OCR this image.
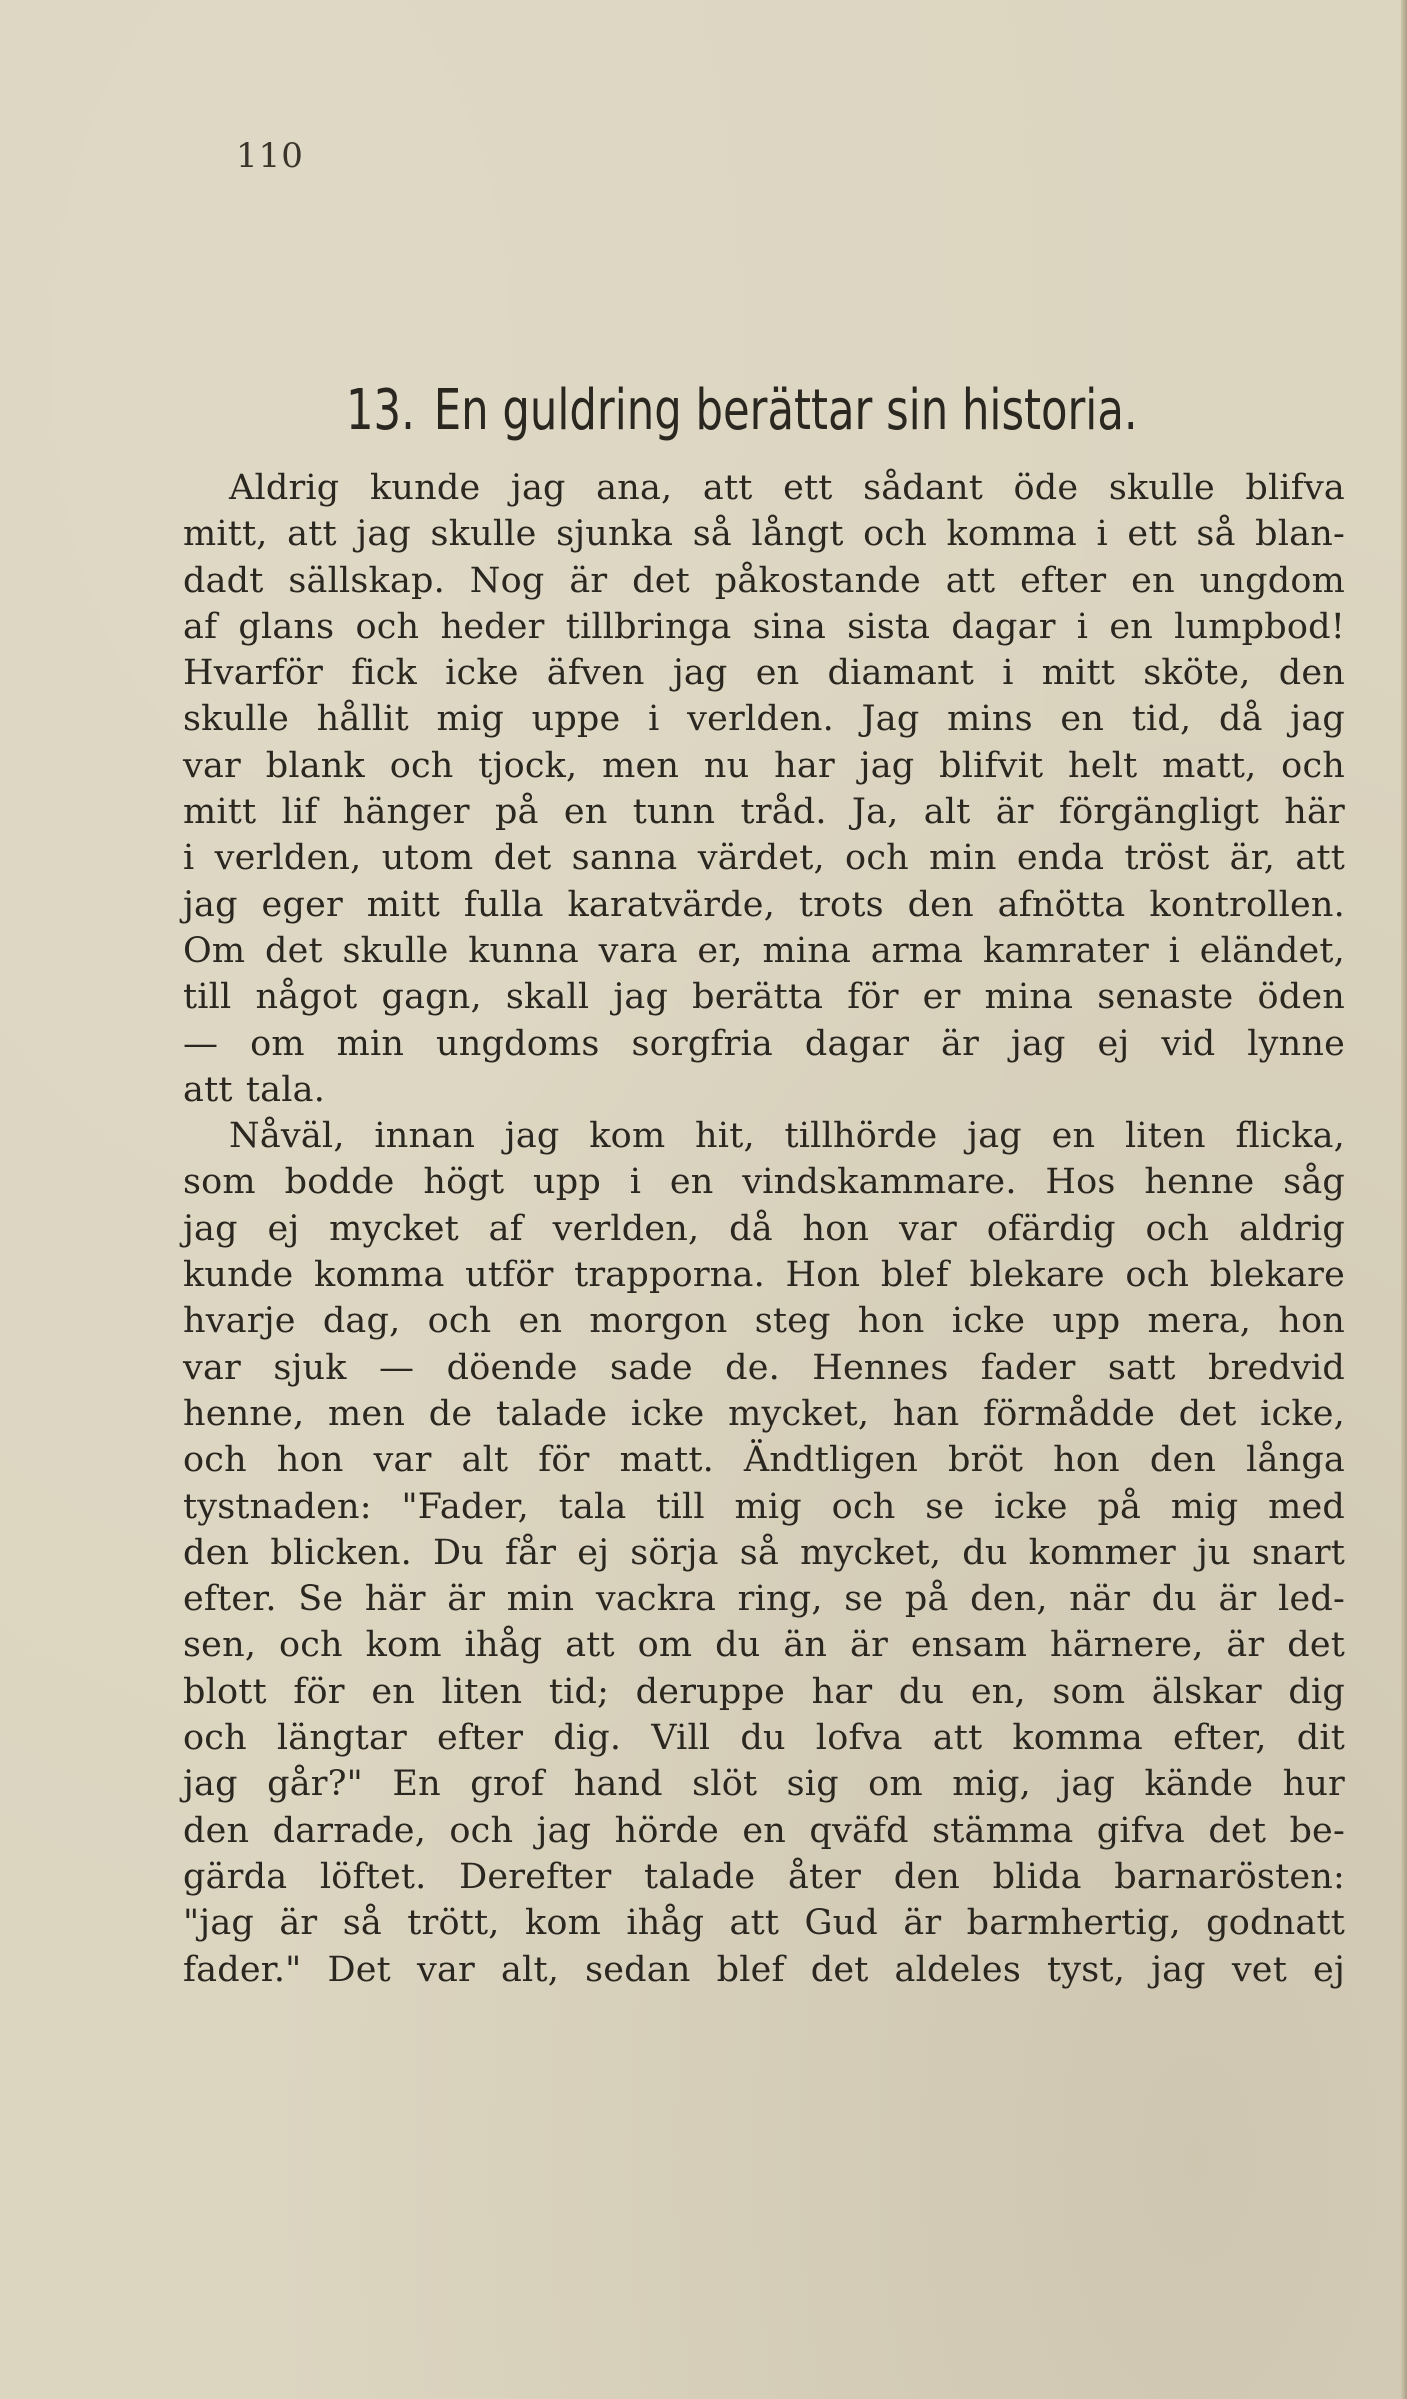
110
13. En guldring berättar sin historia.
Aldrig kunde jag ana, att ett sådant öde skulle blifva
mitt, att jag skulle sjunka så långt och komma i ett så blan-
dadt sällskap. Nog är det påkostande att efter en ungdom
af glans och heder tillbringa sina sista dagar i en lumpbod!
Hvarför fick icke äfven jag en diamant i mitt sköte, den
skulle hållit mig uppe i verlden. Jag mins en tid, då jag
var blank och tjock, men nu har jag blifvit helt matt, och
mitt lif hänger på en tunn tråd. Ja, alt är förgängligt här
i verlden, utom det sanna värdet, och min enda tröst är, att
jag eger mitt fulla karatvärde, trots den afnötta kontrollen.
Om det skulle kunna vara er, mina arma kamrater i eländet,
till något gagn, skall jag berätta för er mina senaste öden
— om min ungdoms sorgfria dagar är jag ej vid lynne
att tala.
Nåväl, innan jag kom hit, tillhörde jag en liten flicka,
som bodde högt upp i en vindskammare. Hos henne såg
jag ej mycket af verlden, då hon var ofärdig och aldrig
kunde komma utför trapporna. Hon blef blekare och blekare
hvarje dag, och en morgon steg hon icke upp mera, hon
var sjuk — döende sade de. Hennes fader satt bredvid
henne, men de talade icke mycket, han förmådde det icke,
och hon var alt för matt. Ändtligen bröt hon den långa
tystnaden: "Fader, tala till mig och se icke på mig med
den blicken. Du får ej sörja så mycket, du kommer ju snart
efter. Se här är min vackra ring, se på den, när du är led-
sen, och kom ihåg att om du än är ensam härnere, är det
blott för en liten tid; deruppe har du en, som älskar dig
och längtar efter dig. Vill du lofva att komma efter, dit
jag går?" En grof hand slöt sig om mig, jag kände hur
den darrade, och jag hörde en qväfd stämma gifva det be-
gärda löftet. Derefter talade åter den blida barnarösten:
"jag är så trött, kom ihåg att Gud är barmhertig, godnatt
fader." Det var alt, sedan blef det aldeles tyst, jag vet ej
